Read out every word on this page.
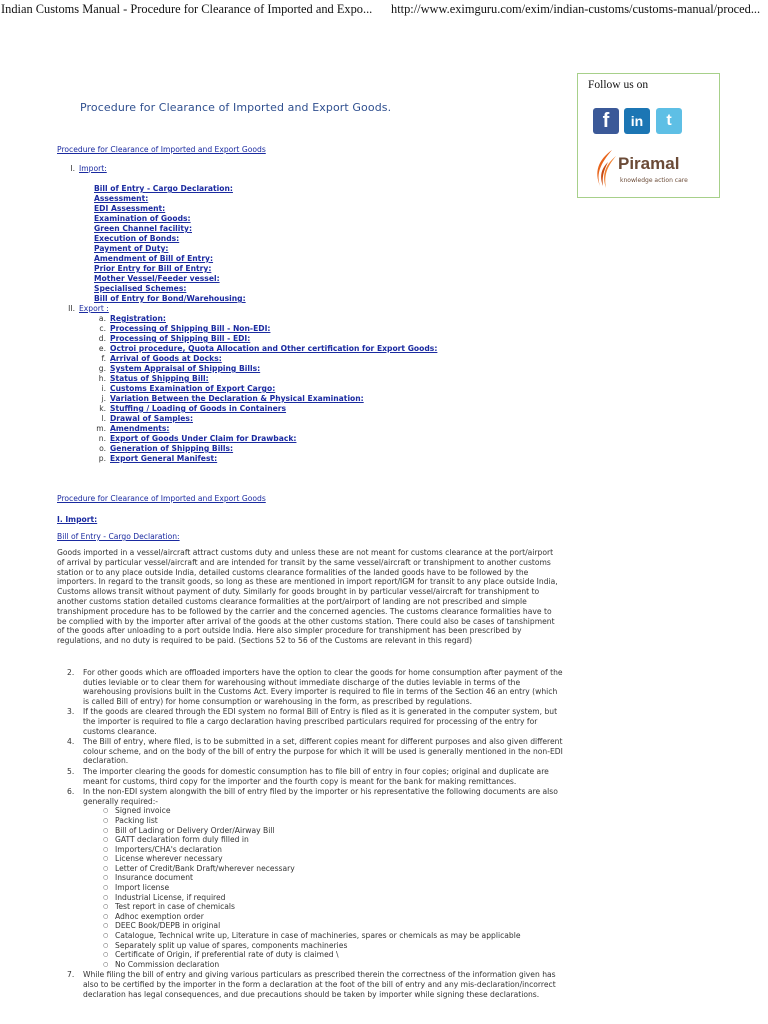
Indian Customs Manual - Procedure for Clearance of Imported and Expo... http://www.eximguru.com/exim/indian-customs/customs-manual/proced...
Procedure for Clearance of Imported and Export Goods.
Procedure for Clearance of Imported and Export Goods
I. Import:
Bill of Entry - Cargo Declaration:
Assessment:
EDI Assessment:
Examination of Goods:
Green Channel facility:
Execution of Bonds:
Payment of Duty:
Amendment of Bill of Entry:
Prior Entry for Bill of Entry:
Mother Vessel/Feeder vessel:
Specialised Schemes:
Bill of Entry for Bond/Warehousing:
II. Export :
a. Registration:
c. Processing of Shipping Bill - Non-EDI:
d. Processing of Shipping Bill - EDI:
e. Octroi procedure, Quota Allocation and Other certification for Export Goods:
f. Arrival of Goods at Docks:
g. System Appraisal of Shipping Bills:
h. Status of Shipping Bill:
i. Customs Examination of Export Cargo:
j. Variation Between the Declaration & Physical Examination:
k. Stuffing / Loading of Goods in Containers
l. Drawal of Samples:
m. Amendments:
n. Export of Goods Under Claim for Drawback:
o. Generation of Shipping Bills:
p. Export General Manifest:
Procedure for Clearance of Imported and Export Goods
I. Import:
Bill of Entry - Cargo Declaration:
Goods imported in a vessel/aircraft attract customs duty and unless these are not meant for customs clearance at the port/airport of arrival by particular vessel/aircraft and are intended for transit by the same vessel/aircraft or transhipment to another customs station or to any place outside India, detailed customs clearance formalities of the landed goods have to be followed by the importers. In regard to the transit goods, so long as these are mentioned in import report/IGM for transit to any place outside India, Customs allows transit without payment of duty. Similarly for goods brought in by particular vessel/aircraft for transhipment to another customs station detailed customs clearance formalities at the port/airport of landing are not prescribed and simple transhipment procedure has to be followed by the carrier and the concerned agencies. The customs clearance formalities have to be complied with by the importer after arrival of the goods at the other customs station. There could also be cases of tanshipment of the goods after unloading to a port outside India. Here also simpler procedure for transhipment has been prescribed by regulations, and no duty is required to be paid. (Sections 52 to 56 of the Customs are relevant in this regard)
2. For other goods which are offloaded importers have the option to clear the goods for home consumption after payment of the duties leviable or to clear them for warehousing without immediate discharge of the duties leviable in terms of the warehousing provisions built in the Customs Act. Every importer is required to file in terms of the Section 46 an entry (which is called Bill of entry) for home consumption or warehousing in the form, as prescribed by regulations.
3. If the goods are cleared through the EDI system no formal Bill of Entry is filed as it is generated in the computer system, but the importer is required to file a cargo declaration having prescribed particulars required for processing of the entry for customs clearance.
4. The Bill of entry, where filed, is to be submitted in a set, different copies meant for different purposes and also given different colour scheme, and on the body of the bill of entry the purpose for which it will be used is generally mentioned in the non-EDI declaration.
5. The importer clearing the goods for domestic consumption has to file bill of entry in four copies; original and duplicate are meant for customs, third copy for the importer and the fourth copy is meant for the bank for making remittances.
6. In the non-EDI system alongwith the bill of entry filed by the importer or his representative the following documents are also generally required:-
○ Signed invoice
○ Packing list
○ Bill of Lading or Delivery Order/Airway Bill
○ GATT declaration form duly filled in
○ Importers/CHA's declaration
○ License wherever necessary
○ Letter of Credit/Bank Draft/wherever necessary
○ Insurance document
○ Import license
○ Industrial License, if required
○ Test report in case of chemicals
○ Adhoc exemption order
○ DEEC Book/DEPB in original
○ Catalogue, Technical write up, Literature in case of machineries, spares or chemicals as may be applicable
○ Separately split up value of spares, components machineries
○ Certificate of Origin, if preferential rate of duty is claimed \
○ No Commission declaration
7. While filing the bill of entry and giving various particulars as prescribed therein the correctness of the information given has also to be certified by the importer in the form a declaration at the foot of the bill of entry and any mis-declaration/incorrect declaration has legal consequences, and due precautions should be taken by importer while signing these declarations.
Follow us on
f	in	t
Piramal
knowledge action care
